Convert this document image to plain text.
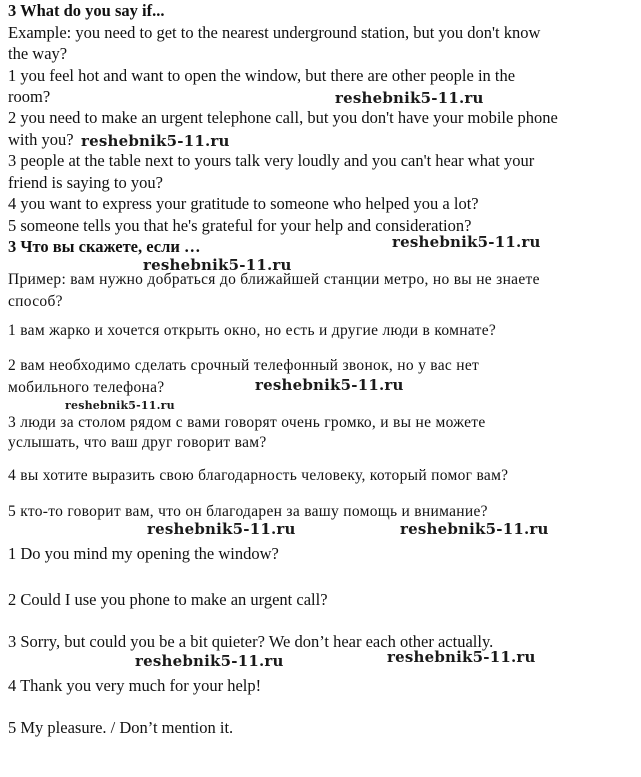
3 What do you say if...
Example: you need to get to the nearest underground station, but you don't know
the way?
1 you feel hot and want to open the window, but there are other people in the
room?
2 you need to make an urgent telephone call, but you don't have your mobile phone
with you?
3 people at the table next to yours talk very loudly and you can't hear what your
friend is saying to you?
4 you want to express your gratitude to someone who helped you a lot?
5 someone tells you that he's grateful for your help and consideration?
3 Что вы скажете, если …
Пример: вам нужно добраться до ближайшей станции метро, но вы не знаете
способ?
1 вам жарко и хочется открыть окно, но есть и другие люди в комнате?
2 вам необходимо сделать срочный телефонный звонок, но у вас нет
мобильного телефона?
3 люди за столом рядом с вами говорят очень громко, и вы не можете
услышать, что ваш друг говорит вам?
4 вы хотите выразить свою благодарность человеку, который помог вам?
5 кто-то говорит вам, что он благодарен за вашу помощь и внимание?
1 Do you mind my opening the window?
2 Could I use you phone to make an urgent call?
3 Sorry, but could you be a bit quieter? We don’t hear each other actually.
4 Thank you very much for your help!
5 My pleasure. / Don’t mention it.
reshebnik5-11.ru
reshebnik5-11.ru
reshebnik5-11.ru
reshebnik5-11.ru
reshebnik5-11.ru
reshebnik5-11.ru
reshebnik5-11.ru	reshebnik5-11.ru
reshebnik5-11.ru	reshebnik5-11.ru
